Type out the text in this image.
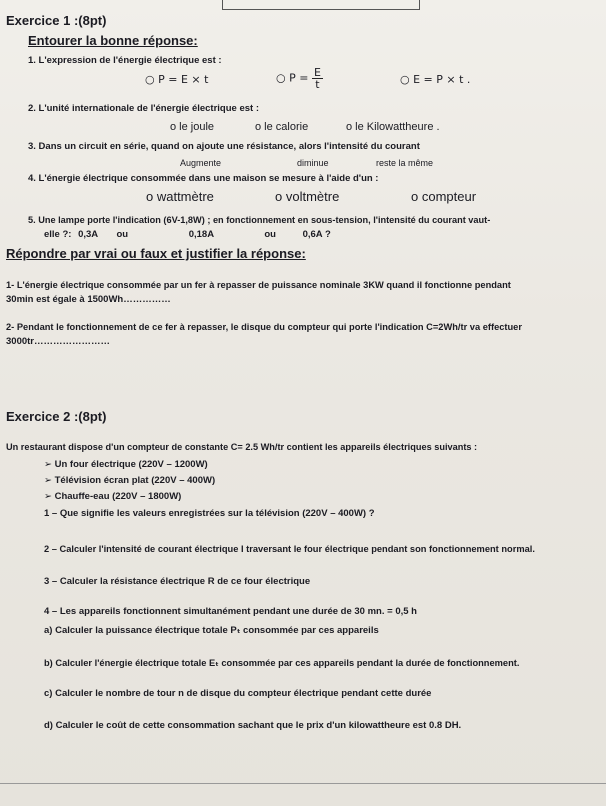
Exercice 1 :(8pt)
Entourer la bonne réponse:
1. L'expression de l'énergie électrique est :
○ P = E × t	○ $P = \frac{E}{t}$	○ E = P × t .
2. L'unité internationale de l'énergie électrique est :
o le joule	o le calorie	o le Kilowattheure .
3. Dans un circuit en série, quand on ajoute une résistance, alors l'intensité du courant
Augmente	diminue	reste la même
4. L'énergie électrique consommée dans une maison se mesure à l'aide d'un :
o wattmètre	o voltmètre	o compteur
5. Une lampe porte l'indication (6V-1,8W) ; en fonctionnement en sous-tension, l'intensité du courant vaut-
elle ?: 0,3A ou	0,18A	ou	0,6A ?
Répondre par vrai ou faux et justifier la réponse:
1- L'énergie électrique consommée par un fer à repasser de puissance nominale 3KW quand il fonctionne pendant
30min est égale à 1500Wh……………
2- Pendant le fonctionnement de ce fer à repasser, le disque du compteur qui porte l'indication C=2Wh/tr va effectuer
3000tr……………………
Exercice 2 :(8pt)
Un restaurant dispose d'un compteur de constante C= 2.5 Wh/tr contient les appareils électriques suivants :
➢ Un four électrique (220V – 1200W)
➢ Télévision écran plat (220V – 400W)
➢ Chauffe-eau (220V – 1800W)
1 – Que signifie les valeurs enregistrées sur la télévision (220V – 400W) ?
2 – Calculer l'intensité de courant électrique I traversant le four électrique pendant son fonctionnement normal.
3 – Calculer la résistance électrique R de ce four électrique
4 – Les appareils fonctionnent simultanément pendant une durée de 30 mn. = 0,5 h
a) Calculer la puissance électrique totale Pₜ consommée par ces appareils
b) Calculer l'énergie électrique totale Eₜ consommée par ces appareils pendant la durée de fonctionnement.
c) Calculer le nombre de tour n de disque du compteur électrique pendant cette durée
d) Calculer le coût de cette consommation sachant que le prix d'un kilowattheure est 0.8 DH.
